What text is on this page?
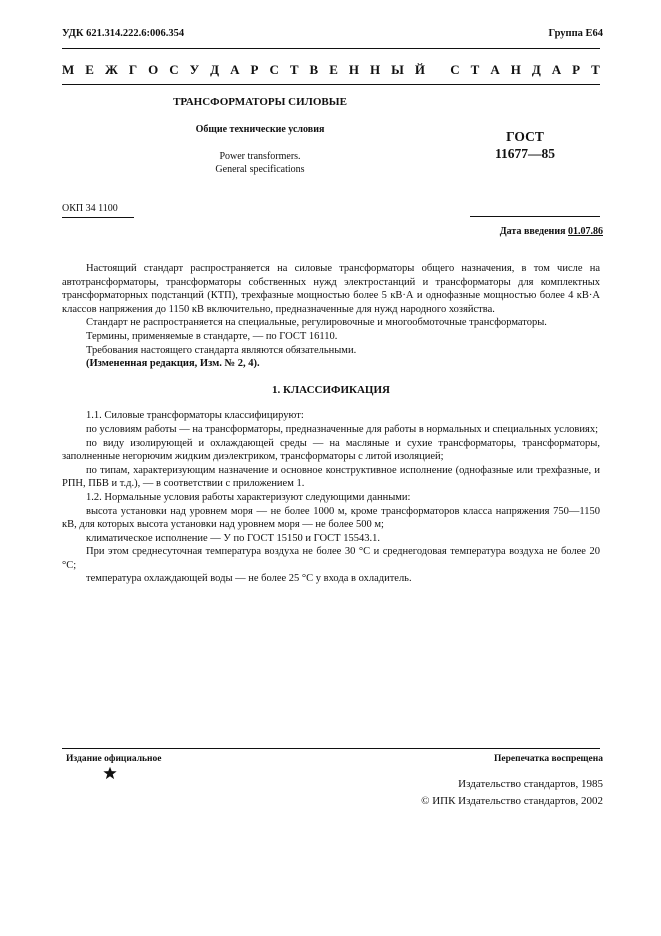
УДК 621.314.222.6:006.354	Группа Е64
М Е Ж Г О С У Д А Р С Т В Е Н Н Ы Й
С Т А Н Д А Р Т
ТРАНСФОРМАТОРЫ СИЛОВЫЕ
Общие технические условия
Power transformers.
General specifications
ГОСТ
11677—85
ОКП 34 1100
Дата введения 01.07.86

Настоящий стандарт распространяется на силовые трансформаторы общего назначения, в том числе на автотрансформаторы, трансформаторы собственных нужд электростанций и трансформаторы для комплектных трансформаторных подстанций (КТП), трехфазные мощностью более 5 кВ·А и однофазные мощностью более 4 кВ·А классов напряжения до 1150 кВ включительно, предназначенные для нужд народного хозяйства.

Стандарт не распространяется на специальные, регулировочные и многообмоточные трансформаторы.

Термины, применяемые в стандарте, — по ГОСТ 16110.

Требования настоящего стандарта являются обязательными.

(Измененная редакция, Изм. № 2, 4).

1. КЛАССИФИКАЦИЯ

1.1. Силовые трансформаторы классифицируют:

по условиям работы — на трансформаторы, предназначенные для работы в нормальных и специальных условиях;

по виду изолирующей и охлаждающей среды — на масляные и сухие трансформаторы, трансформаторы, заполненные негорючим жидким диэлектриком, трансформаторы с литой изоляцией;

по типам, характеризующим назначение и основное конструктивное исполнение (однофазные или трехфазные, и РПН, ПБВ и т.д.), — в соответствии с приложением 1.

1.2. Нормальные условия работы характеризуют следующими данными:

высота установки над уровнем моря — не более 1000 м, кроме трансформаторов класса напряжения 750—1150 кВ, для которых высота установки над уровнем моря — не более 500 м;

климатическое исполнение — У по ГОСТ 15150 и ГОСТ 15543.1.

При этом среднесуточная температура воздуха не более 30 °С и среднегодовая температура воздуха не более 20 °С;

температура охлаждающей воды — не более 25 °С у входа в охладитель.

Издание официальное	Перепечатка воспрещена
Издательство стандартов, 1985
© ИПК Издательство стандартов, 2002
